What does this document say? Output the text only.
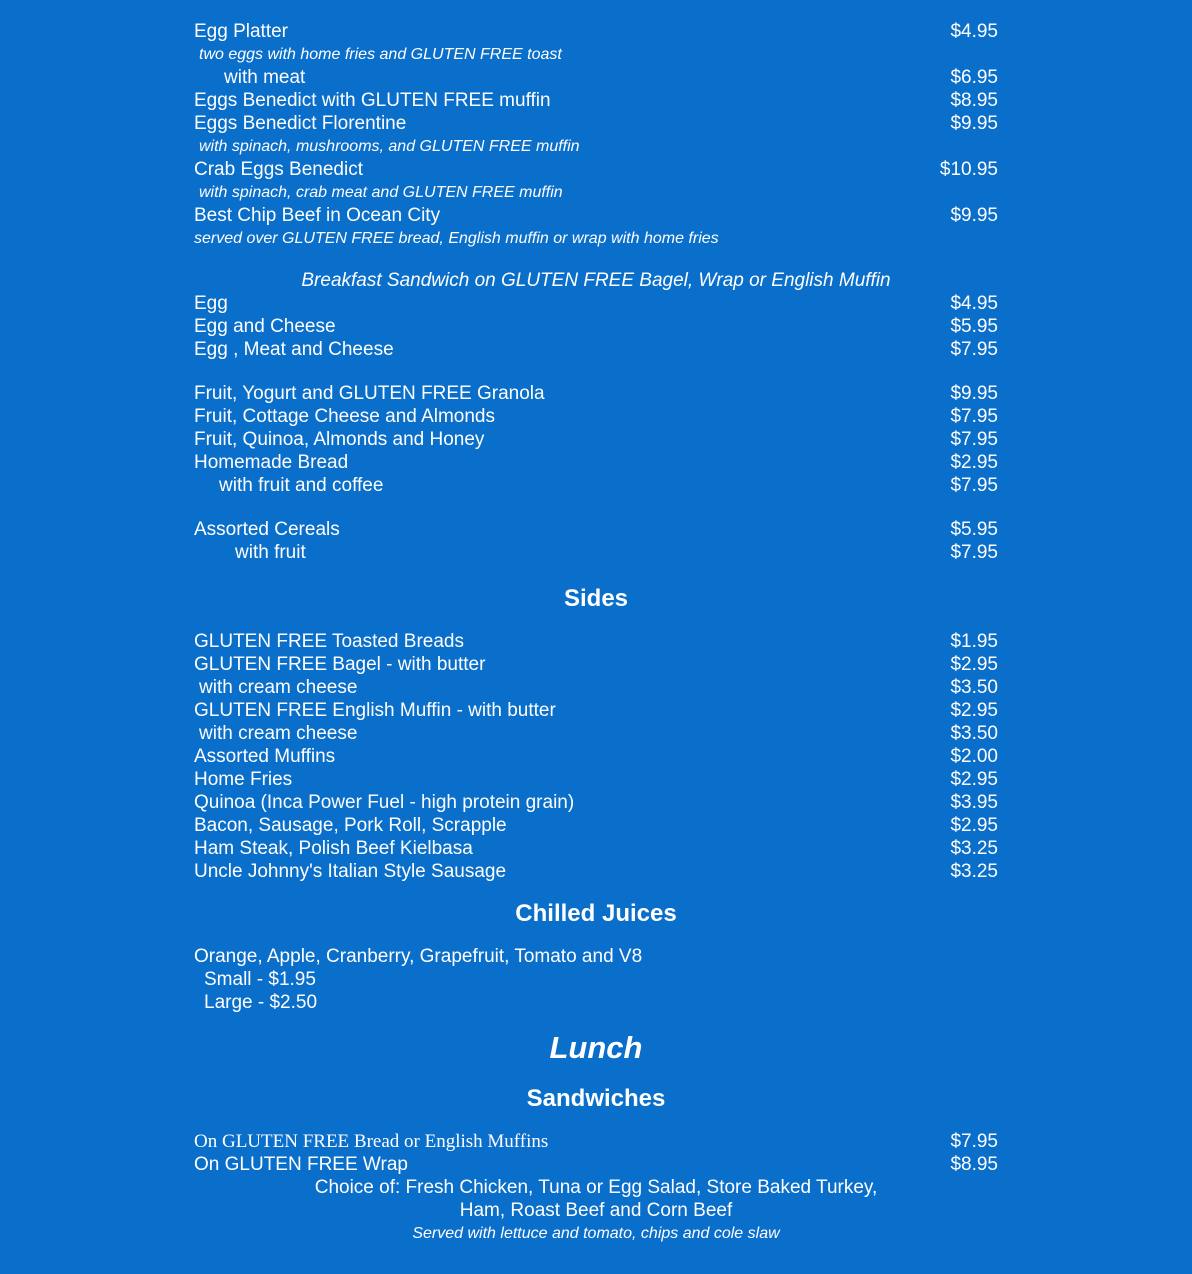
Egg Platter	$4.95
two eggs with home fries and GLUTEN FREE toast
with meat	$6.95
Eggs Benedict with GLUTEN FREE muffin	$8.95
Eggs Benedict Florentine	$9.95
with spinach, mushrooms, and GLUTEN FREE muffin
Crab Eggs Benedict	$10.95
with spinach, crab meat and GLUTEN FREE muffin
Best Chip Beef in Ocean City	$9.95
served over GLUTEN FREE bread, English muffin or wrap with home fries
Breakfast Sandwich on GLUTEN FREE Bagel, Wrap or English Muffin
Egg	$4.95
Egg and Cheese	$5.95
Egg , Meat and Cheese	$7.95
Fruit, Yogurt and GLUTEN FREE Granola	$9.95
Fruit, Cottage Cheese and Almonds	$7.95
Fruit, Quinoa, Almonds and Honey	$7.95
Homemade Bread	$2.95
with fruit and coffee	$7.95
Assorted Cereals	$5.95
with fruit	$7.95
Sides
GLUTEN FREE Toasted Breads	$1.95
GLUTEN FREE Bagel - with butter	$2.95
with cream cheese	$3.50
GLUTEN FREE English Muffin - with butter	$2.95
with cream cheese	$3.50
Assorted Muffins	$2.00
Home Fries	$2.95
Quinoa (Inca Power Fuel - high protein grain)	$3.95
Bacon, Sausage, Pork Roll, Scrapple	$2.95
Ham Steak, Polish Beef Kielbasa	$3.25
Uncle Johnny's Italian Style Sausage	$3.25
Chilled Juices
Orange, Apple, Cranberry, Grapefruit, Tomato and V8
Small - $1.95
Large - $2.50
Lunch
Sandwiches
On GLUTEN FREE Bread or English Muffins	$7.95
On GLUTEN FREE Wrap	$8.95
Choice of: Fresh Chicken, Tuna or Egg Salad, Store Baked Turkey,
Ham, Roast Beef and Corn Beef
Served with lettuce and tomato, chips and cole slaw
